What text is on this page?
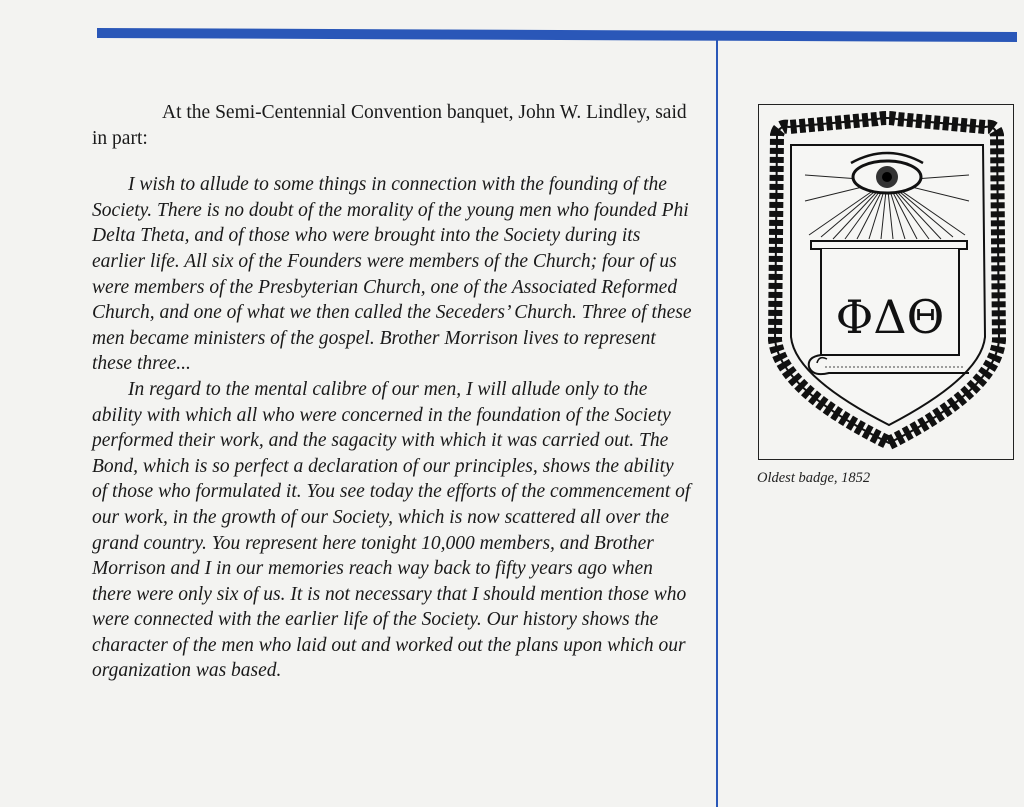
At the Semi-Centennial Convention banquet, John W. Lindley, said in part:

I wish to allude to some things in connection with the founding of the Society. There is no doubt of the morality of the young men who founded Phi Delta Theta, and of those who were brought into the Society during its earlier life. All six of the Founders were members of the Church; four of us were members of the Presbyterian Church, one of the Associated Reformed Church, and one of what we then called the Seceders’ Church. Three of these men became ministers of the gospel. Brother Morrison lives to represent these three...

In regard to the mental calibre of our men, I will allude only to the ability with which all who were concerned in the foundation of the Society performed their work, and the sagacity with which it was carried out. The Bond, which is so perfect a declaration of our principles, shows the ability of those who formulated it. You see today the efforts of the commencement of our work, in the growth of our Society, which is now scattered all over the grand country. You represent here tonight 10,000 members, and Brother Morrison and I in our memories reach way back to fifty years ago when there were only six of us. It is not necessary that I should mention those who were connected with the earlier life of the Society. Our history shows the character of the men who laid out and worked out the plans upon which our organization was based.

ΦΔΘ
Oldest badge, 1852
